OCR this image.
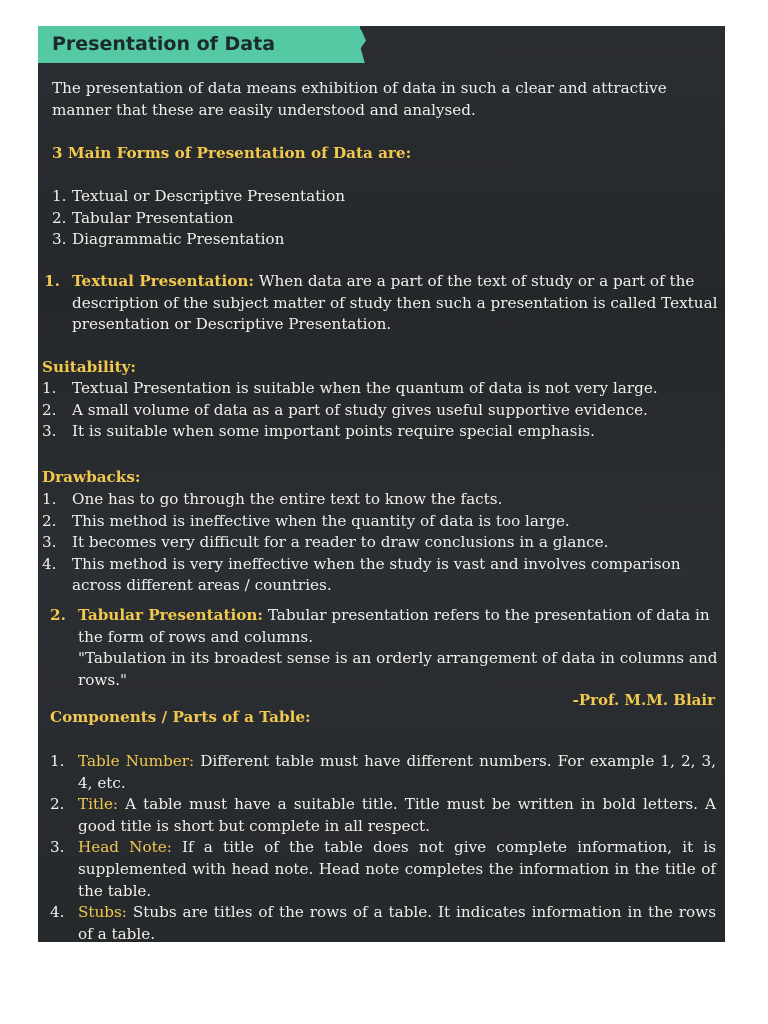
Presentation of Data
The presentation of data means exhibition of data in such a clear and attractive manner that these are easily understood and analysed.
3 Main Forms of Presentation of Data are:
1. Textual or Descriptive Presentation
2. Tabular Presentation
3. Diagrammatic Presentation
1. Textual Presentation: When data are a part of the text of study or a part of the description of the subject matter of study then such a presentation is called Textual presentation or Descriptive Presentation.
Suitability:
1. Textual Presentation is suitable when the quantum of data is not very large.
2. A small volume of data as a part of study gives useful supportive evidence.
3. It is suitable when some important points require special emphasis.
Drawbacks:
1. One has to go through the entire text to know the facts.
2. This method is ineffective when the quantity of data is too large.
3. It becomes very difficult for a reader to draw conclusions in a glance.
4. This method is very ineffective when the study is vast and involves comparison across different areas / countries.
2. Tabular Presentation: Tabular presentation refers to the presentation of data in the form of rows and columns.
"Tabulation in its broadest sense is an orderly arrangement of data in columns and rows."
-Prof. M.M. Blair
Components / Parts of a Table:
1. Table Number: Different table must have different numbers. For example 1, 2, 3, 4, etc.
2. Title: A table must have a suitable title. Title must be written in bold letters. A good title is short but complete in all respect.
3. Head Note: If a title of the table does not give complete information, it is supplemented with head note. Head note completes the information in the title of the table.
4. Stubs: Stubs are titles of the rows of a table. It indicates information in the rows of a table.
